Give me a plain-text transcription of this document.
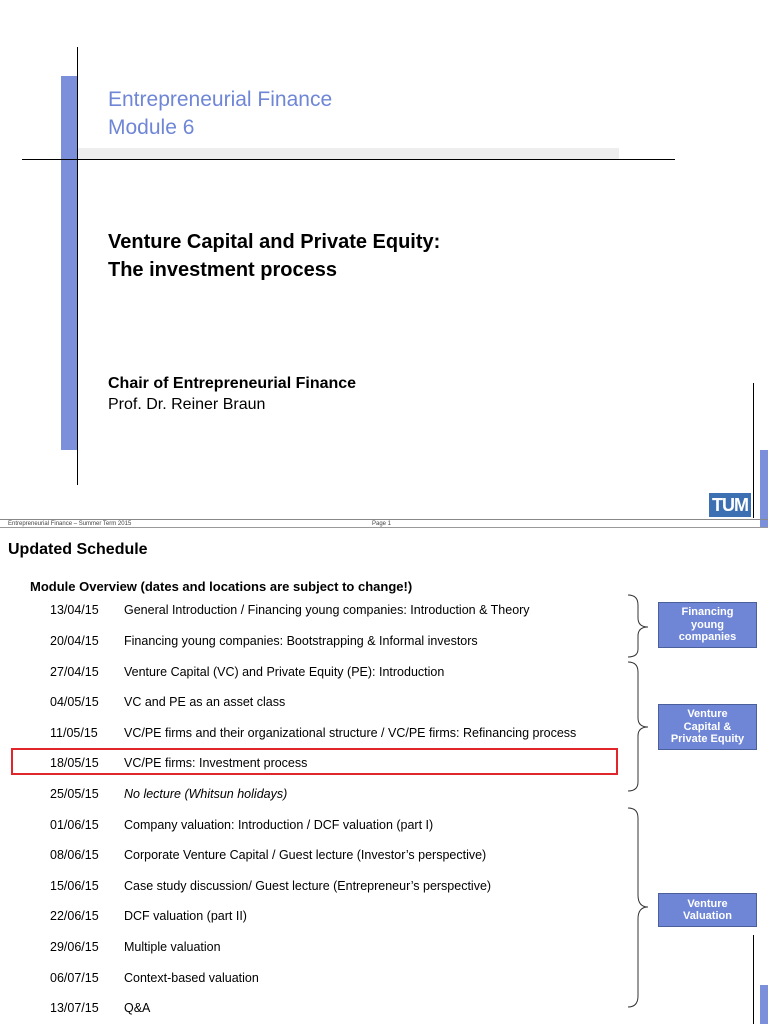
Entrepreneurial Finance
Module 6
Venture Capital and Private Equity:
The investment process
Chair of Entrepreneurial Finance
Prof. Dr. Reiner Braun
TUM
Entrepreneurial Finance – Summer Term 2015	Page 1
Updated Schedule
Module Overview (dates and locations are subject to change!)
13/04/15 General Introduction / Financing young companies: Introduction & Theory
20/04/15 Financing young companies: Bootstrapping & Informal investors
27/04/15 Venture Capital (VC) and Private Equity (PE): Introduction
04/05/15 VC and PE as an asset class
11/05/15 VC/PE firms and their organizational structure / VC/PE firms: Refinancing process
18/05/15 VC/PE firms: Investment process
25/05/15 No lecture (Whitsun holidays)
01/06/15 Company valuation: Introduction / DCF valuation (part I)
08/06/15 Corporate Venture Capital / Guest lecture (Investor’s perspective)
15/06/15 Case study discussion/ Guest lecture (Entrepreneur’s perspective)
22/06/15 DCF valuation (part II)
29/06/15 Multiple valuation
06/07/15 Context-based valuation
13/07/15 Q&A
Financing
young
companies
Venture
Capital &
Private Equity
Venture
Valuation
